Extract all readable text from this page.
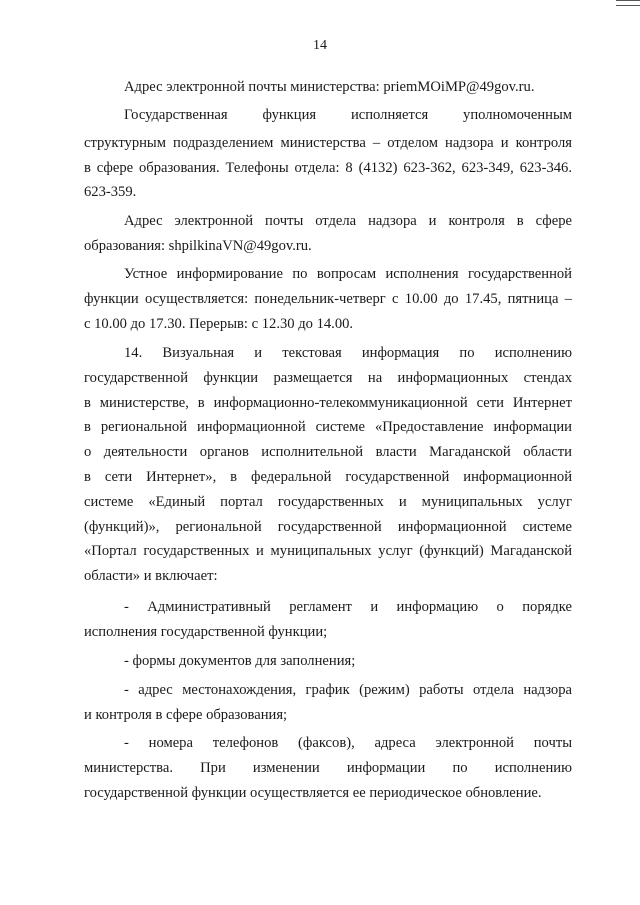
14
Адрес электронной почты министерства: priemMOiMP@49gov.ru.
Государственная функция исполняется уполномоченным
структурным подразделением министерства – отделом надзора и контроля
в сфере образования. Телефоны отдела: 8 (4132) 623-362, 623-349, 623-346.
623-359.
Адрес электронной почты отдела надзора и контроля в сфере
образования: shpilkinaVN@49gov.ru.
Устное информирование по вопросам исполнения государственной
функции осуществляется: понедельник-четверг с 10.00 до 17.45, пятница –
с 10.00 до 17.30. Перерыв: с 12.30 до 14.00.
14. Визуальная и текстовая информация по исполнению
государственной функции размещается на информационных стендах
в министерстве, в информационно-телекоммуникационной сети Интернет
в региональной информационной системе «Предоставление информации
о деятельности органов исполнительной власти Магаданской области
в сети Интернет», в федеральной государственной информационной
системе «Единый портал государственных и муниципальных услуг
(функций)», региональной государственной информационной системе
«Портал государственных и муниципальных услуг (функций) Магаданской
области» и включает:
- Административный регламент и информацию о порядке
исполнения государственной функции;
- формы документов для заполнения;
- адрес местонахождения, график (режим) работы отдела надзора
и контроля в сфере образования;
- номера телефонов (факсов), адреса электронной почты
министерства. При изменении информации по исполнению
государственной функции осуществляется ее периодическое обновление.
